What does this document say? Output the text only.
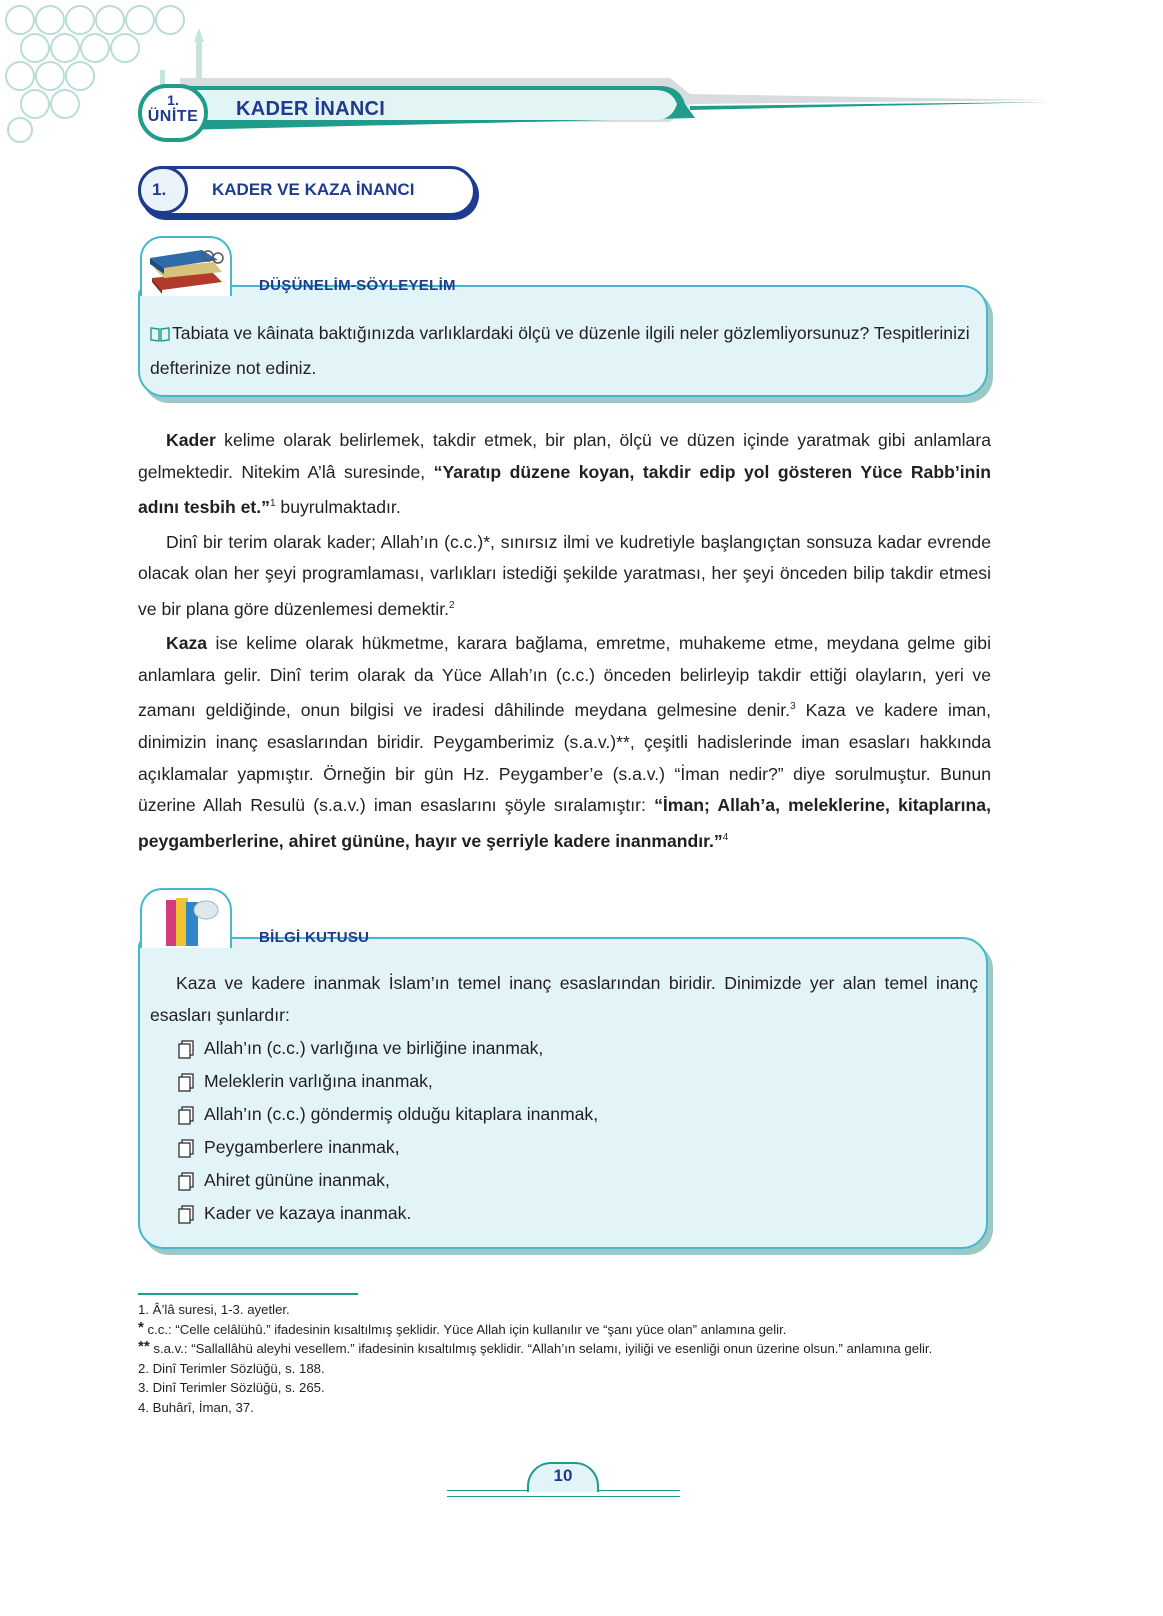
1.
ÜNİTE KADER İNANCI
1.	KADER VE KAZA İNANCI
DÜŞÜNELİM-SÖYLEYELİM
Tabiata ve kâinata baktığınızda varlıklardaki ölçü ve düzenle ilgili neler gözlemliyorsunuz? Tespitlerinizi defterinize not ediniz.

Kader kelime olarak belirlemek, takdir etmek, bir plan, ölçü ve düzen içinde yaratmak gibi anlamlara gelmektedir. Nitekim A’lâ suresinde, “Yaratıp düzene koyan, takdir edip yol gösteren Yüce Rabb’inin adını tesbih et.”$^1$ buyrulmaktadır.

Dinî bir terim olarak kader; Allah’ın (c.c.)*, sınırsız ilmi ve kudretiyle başlangıçtan sonsuza kadar evrende olacak olan her şeyi programlaması, varlıkları istediği şekilde yaratması, her şeyi önceden bilip takdir etmesi ve bir plana göre düzenlemesi demektir.$^2$

Kaza ise kelime olarak hükmetme, karara bağlama, emretme, muhakeme etme, meydana gelme gibi anlamlara gelir. Dinî terim olarak da Yüce Allah’ın (c.c.) önceden belirleyip takdir ettiği olayların, yeri ve zamanı geldiğinde, onun bilgisi ve iradesi dâhilinde meydana gelmesine denir.$^3$ Kaza ve kadere iman, dinimizin inanç esaslarından biridir. Peygamberimiz (s.a.v.)**, çeşitli hadislerinde iman esasları hakkında açıklamalar yapmıştır. Örneğin bir gün Hz. Peygamber’e (s.a.v.) “İman nedir?” diye sorulmuştur. Bunun üzerine Allah Resulü (s.a.v.) iman esaslarını şöyle sıralamıştır: “İman; Allah’a, meleklerine, kitaplarına, peygamberlerine, ahiret gününe, hayır ve şerriyle kadere inanmandır.”$^4$

BİLGİ KUTUSU
Kaza ve kadere inanmak İslam’ın temel inanç esaslarından biridir. Dinimizde yer alan temel inanç esasları şunlardır:
Allah’ın (c.c.) varlığına ve birliğine inanmak,
Meleklerin varlığına inanmak,
Allah’ın (c.c.) göndermiş olduğu kitaplara inanmak,
Peygamberlere inanmak,
Ahiret gününe inanmak,
Kader ve kazaya inanmak.
1. Â’lâ suresi, 1-3. ayetler.
* c.c.: “Celle celâlühû.” ifadesinin kısaltılmış şeklidir. Yüce Allah için kullanılır ve “şanı yüce olan” anlamına gelir.
** s.a.v.: “Sallallâhü aleyhi vesellem.” ifadesinin kısaltılmış şeklidir. “Allah’ın selamı, iyiliği ve esenliği onun üzerine olsun.” anlamına gelir.
2. Dinî Terimler Sözlüğü, s. 188.
3. Dinî Terimler Sözlüğü, s. 265.
4. Buhârî, İman, 37.
10
